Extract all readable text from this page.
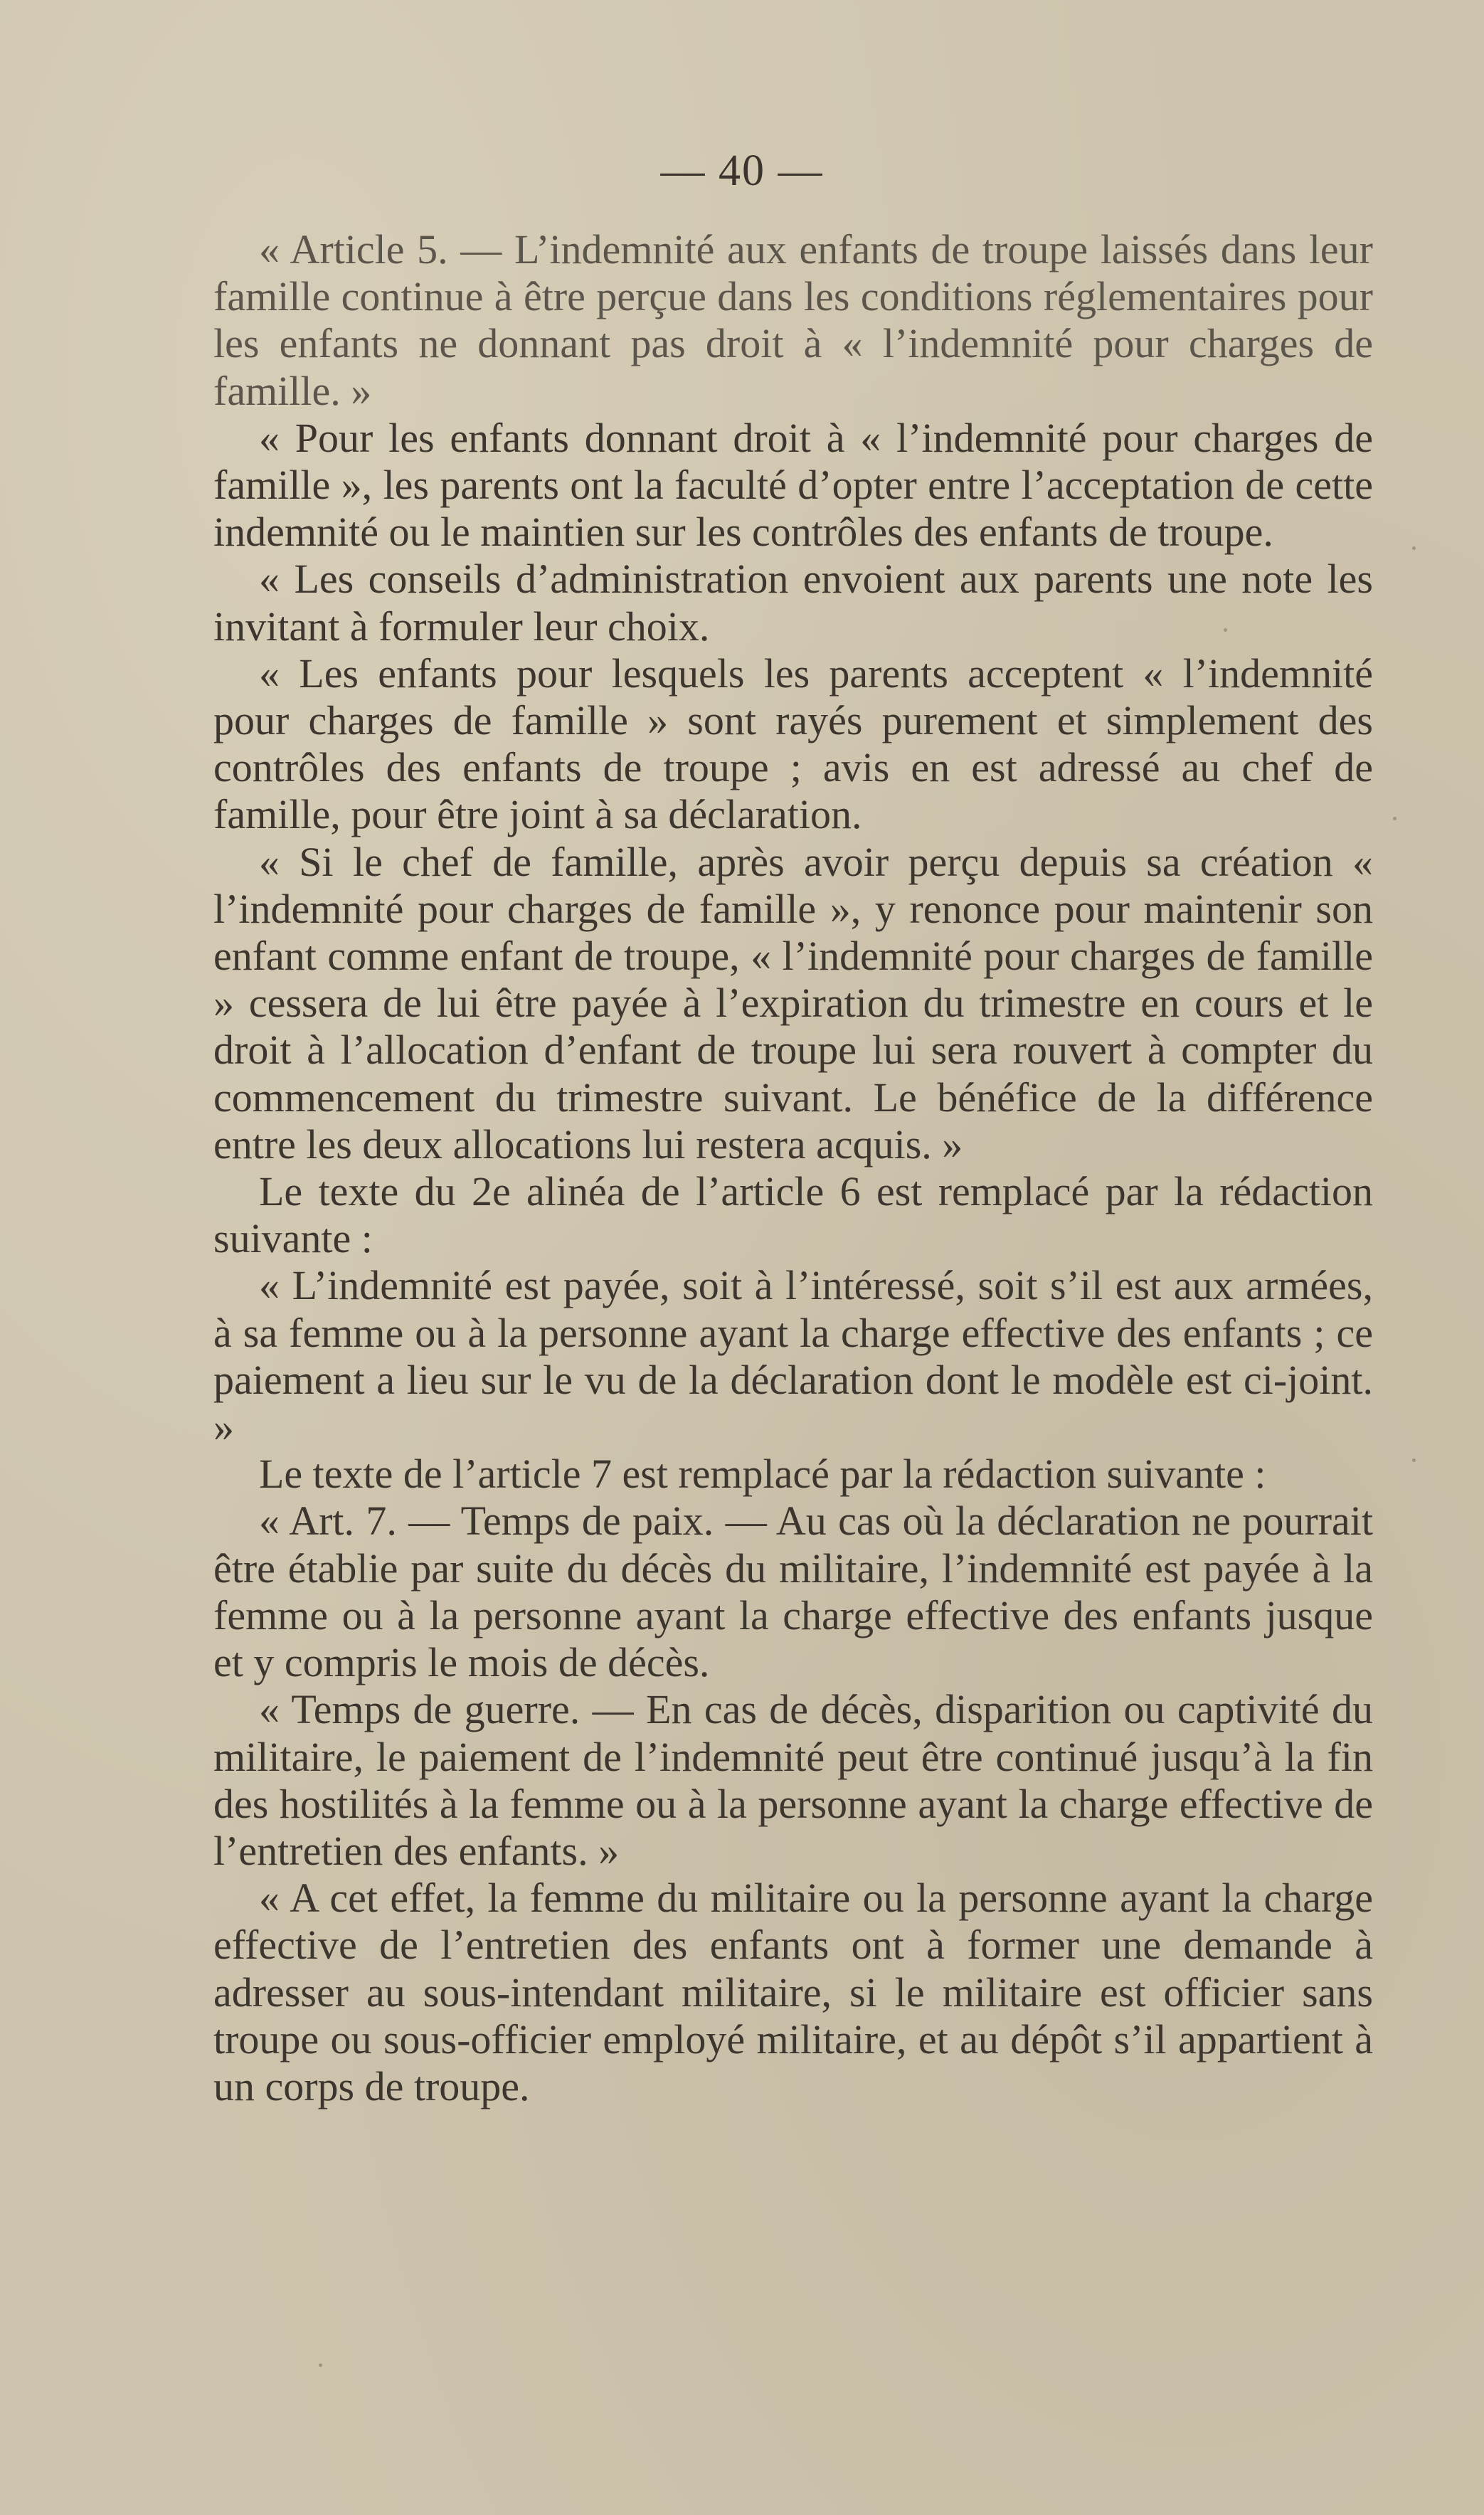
— 40 —

« Article 5. — L’indemnité aux enfants de troupe laissés dans leur famille continue à être perçue dans les conditions réglementaires pour les enfants ne donnant pas droit à « l’indemnité pour charges de famille. »

« Pour les enfants donnant droit à « l’indemnité pour charges de famille », les parents ont la faculté d’opter entre l’acceptation de cette indemnité ou le maintien sur les contrôles des enfants de troupe.

« Les conseils d’administration envoient aux parents une note les invitant à formuler leur choix.

« Les enfants pour lesquels les parents acceptent « l’indemnité pour charges de famille » sont rayés purement et simplement des contrôles des enfants de troupe ; avis en est adressé au chef de famille, pour être joint à sa déclaration.

« Si le chef de famille, après avoir perçu depuis sa création « l’indemnité pour charges de famille », y renonce pour maintenir son enfant comme enfant de troupe, « l’indemnité pour charges de famille » cessera de lui être payée à l’expiration du trimestre en cours et le droit à l’allocation d’enfant de troupe lui sera rouvert à compter du commencement du trimestre suivant. Le bénéfice de la différence entre les deux allocations lui restera acquis. »

Le texte du 2e alinéa de l’article 6 est remplacé par la rédaction suivante :

« L’indemnité est payée, soit à l’intéressé, soit s’il est aux armées, à sa femme ou à la personne ayant la charge effective des enfants ; ce paiement a lieu sur le vu de la déclaration dont le modèle est ci-joint. »

Le texte de l’article 7 est remplacé par la rédaction suivante :

« Art. 7. — Temps de paix. — Au cas où la déclaration ne pourrait être établie par suite du décès du militaire, l’indemnité est payée à la femme ou à la personne ayant la charge effective des enfants jusque et y compris le mois de décès.

« Temps de guerre. — En cas de décès, disparition ou captivité du militaire, le paiement de l’indemnité peut être continué jusqu’à la fin des hostilités à la femme ou à la personne ayant la charge effective de l’entretien des enfants. »

« A cet effet, la femme du militaire ou la personne ayant la charge effective de l’entretien des enfants ont à former une demande à adresser au sous-intendant militaire, si le militaire est officier sans troupe ou sous-officier employé militaire, et au dépôt s’il appartient à un corps de troupe.
